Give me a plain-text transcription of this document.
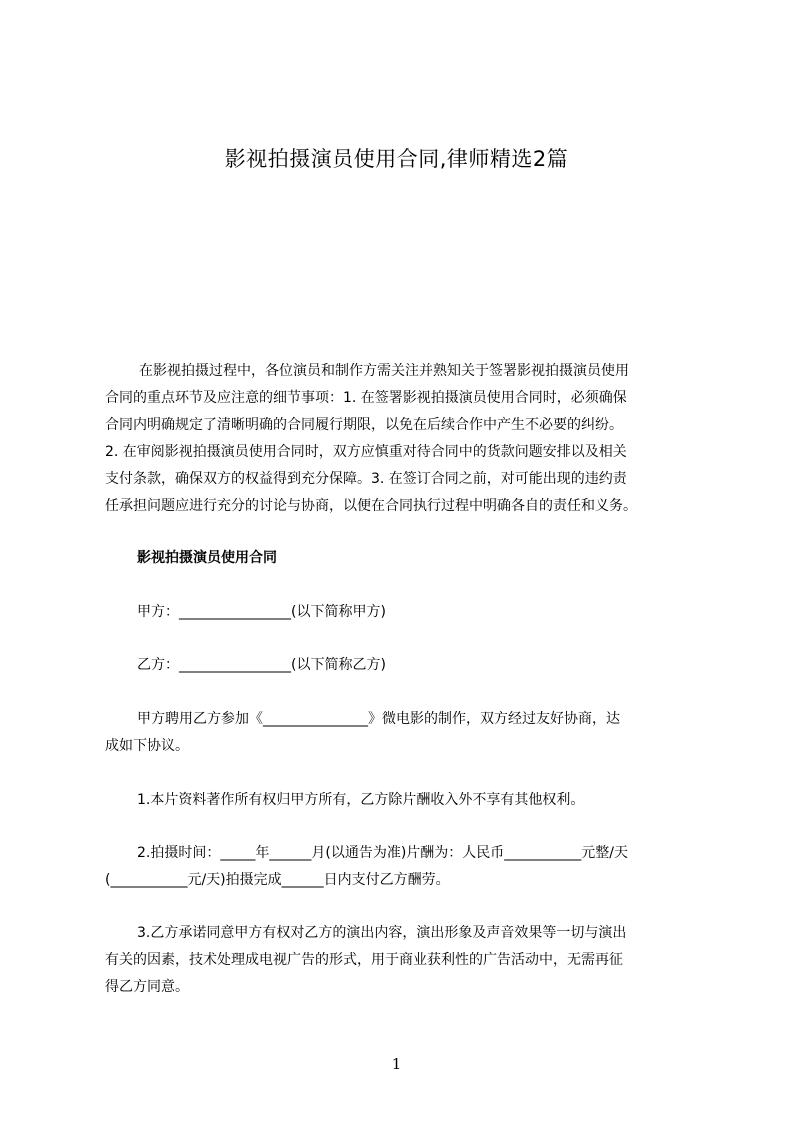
影视拍摄演员使用合同,律师精选2篇
在影视拍摄过程中，各位演员和制作方需关注并熟知关于签署影视拍摄演员使用
合同的重点环节及应注意的细节事项：1. 在签署影视拍摄演员使用合同时，必须确保
合同内明确规定了清晰明确的合同履行期限，以免在后续合作中产生不必要的纠纷。
2. 在审阅影视拍摄演员使用合同时，双方应慎重对待合同中的货款问题安排以及相关
支付条款，确保双方的权益得到充分保障。3. 在签订合同之前，对可能出现的违约责
任承担问题应进行充分的讨论与协商，以便在合同执行过程中明确各自的责任和义务。
影视拍摄演员使用合同
甲方：________________(以下简称甲方)
乙方：________________(以下简称乙方)
甲方聘用乙方参加《_______________》微电影的制作，双方经过友好协商，达
成如下协议。
1.本片资料著作所有权归甲方所有，乙方除片酬收入外不享有其他权利。
2.拍摄时间：_____年______月(以通告为准)片酬为：人民币___________元整/天
(___________元/天)拍摄完成______日内支付乙方酬劳。
3.乙方承诺同意甲方有权对乙方的演出内容，演出形象及声音效果等一切与演出
有关的因素，技术处理成电视广告的形式，用于商业获利性的广告活动中，无需再征
得乙方同意。
1
